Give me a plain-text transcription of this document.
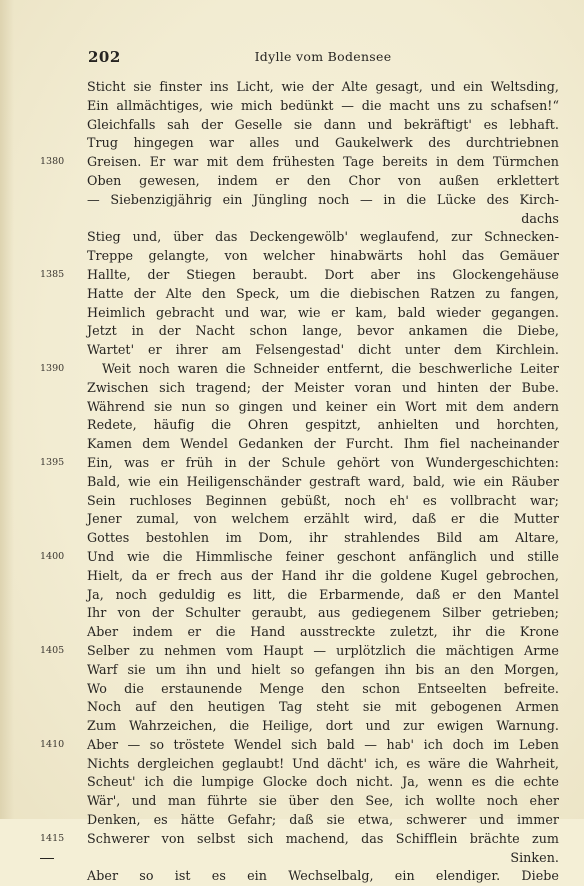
202	Idylle vom Bodensee
Sticht sie finster ins Licht, wie der Alte gesagt, und ein Weltsding,
Ein allmächtiges, wie mich bedünkt — die macht uns zu schafsen!“
Gleichfalls sah der Geselle sie dann und bekräftigt' es lebhaft.
Trug hingegen war alles und Gaukelwerk des durchtriebnen
1380	Greisen. Er war mit dem frühesten Tage bereits in dem Türmchen
Oben gewesen, indem er den Chor von außen erklettert
— Siebenzigjährig ein Jüngling noch — in die Lücke des Kirch-
dachs
Stieg und, über das Deckengewölb' weglaufend, zur Schnecken-
Treppe gelangte, von welcher hinabwärts hohl das Gemäuer
1385	Hallte, der Stiegen beraubt. Dort aber ins Glockengehäuse
Hatte der Alte den Speck, um die diebischen Ratzen zu fangen,
Heimlich gebracht und war, wie er kam, bald wieder gegangen.
Jetzt in der Nacht schon lange, bevor ankamen die Diebe,
Wartet' er ihrer am Felsengestad' dicht unter dem Kirchlein.
1390	Weit noch waren die Schneider entfernt, die beschwerliche Leiter
Zwischen sich tragend; der Meister voran und hinten der Bube.
Während sie nun so gingen und keiner ein Wort mit dem andern
Redete, häufig die Ohren gespitzt, anhielten und horchten,
Kamen dem Wendel Gedanken der Furcht. Ihm fiel nacheinander
1395	Ein, was er früh in der Schule gehört von Wundergeschichten:
Bald, wie ein Heiligenschänder gestraft ward, bald, wie ein Räuber
Sein ruchloses Beginnen gebüßt, noch eh' es vollbracht war;
Jener zumal, von welchem erzählt wird, daß er die Mutter
Gottes bestohlen im Dom, ihr strahlendes Bild am Altare,
1400	Und wie die Himmlische feiner geschont anfänglich und stille
Hielt, da er frech aus der Hand ihr die goldene Kugel gebrochen,
Ja, noch geduldig es litt, die Erbarmende, daß er den Mantel
Ihr von der Schulter geraubt, aus gediegenem Silber getrieben;
Aber indem er die Hand ausstreckte zuletzt, ihr die Krone
1405	Selber zu nehmen vom Haupt — urplötzlich die mächtigen Arme
Warf sie um ihn und hielt so gefangen ihn bis an den Morgen,
Wo die erstaunende Menge den schon Entseelten befreite.
Noch auf den heutigen Tag steht sie mit gebogenen Armen
Zum Wahrzeichen, die Heilige, dort und zur ewigen Warnung.
1410	Aber — so tröstete Wendel sich bald — hab' ich doch im Leben
Nichts dergleichen geglaubt! Und dächt' ich, es wäre die Wahrheit,
Scheut' ich die lumpige Glocke doch nicht. Ja, wenn es die echte
Wär', und man führte sie über den See, ich wollte noch eher
Denken, es hätte Gefahr; daß sie etwa, schwerer und immer
1415	Schwerer von selbst sich machend, das Schifflein brächte zum
Sinken.
Aber so ist es ein Wechselbalg, ein elendiger. Diebe
